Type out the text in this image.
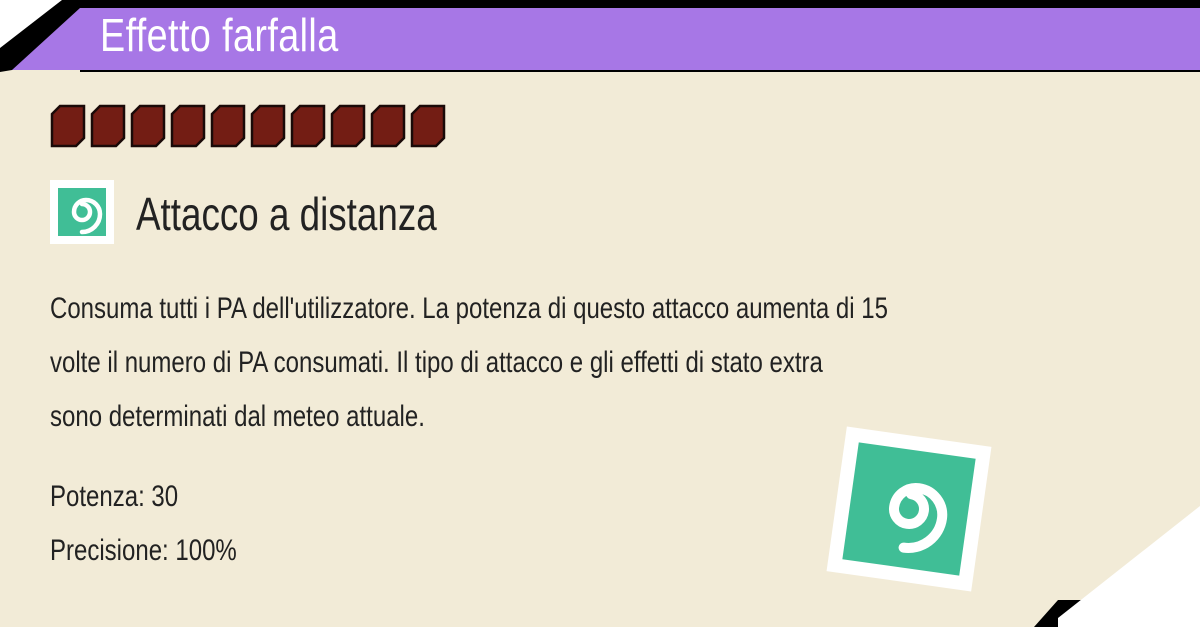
Effetto farfalla
Attacco a distanza
Consuma tutti i PA dell'utilizzatore. La potenza di questo attacco aumenta di 15
volte il numero di PA consumati. Il tipo di attacco e gli effetti di stato extra
sono determinati dal meteo attuale.
Potenza: 30
Precisione: 100%
